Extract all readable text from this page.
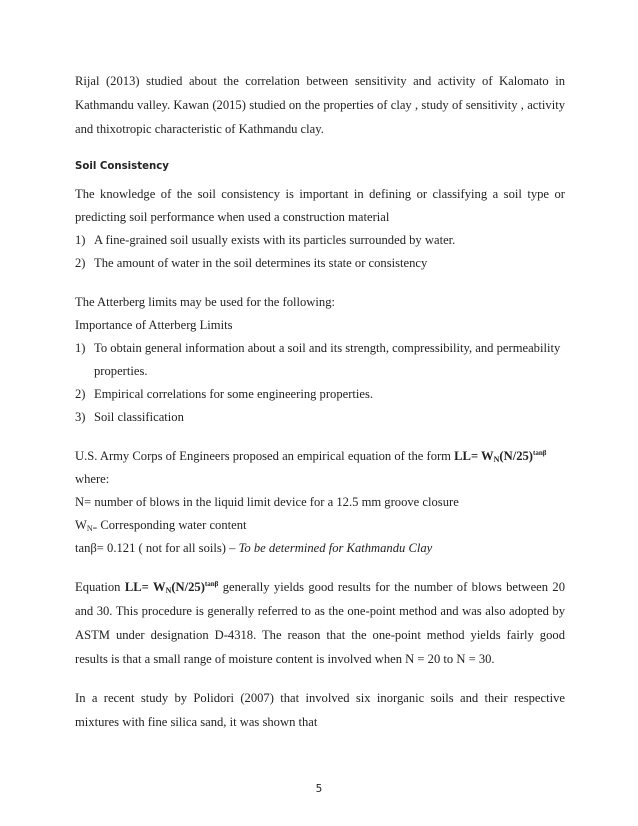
Rijal (2013) studied about the correlation between sensitivity and activity of Kalomato in
Kathmandu valley. Kawan (2015) studied on the properties of clay , study of sensitivity , activity
and thixotropic characteristic of Kathmandu clay.
Soil Consistency
The knowledge of the soil consistency is important in defining or classifying a soil type or
predicting soil performance when used a construction material
1) A fine-grained soil usually exists with its particles surrounded by water.
2) The amount of water in the soil determines its state or consistency
The Atterberg limits may be used for the following:
Importance of Atterberg Limits
1) To obtain general information about a soil and its strength, compressibility, and permeability
properties.
2) Empirical correlations for some engineering properties.
3) Soil classification
U.S. Army Corps of Engineers proposed an empirical equation of the form $LL= W_N(N/25)^{tan\beta}$
where:
N= number of blows in the liquid limit device for a 12.5 mm groove closure
$W_{N=}$ Corresponding water content
tanβ= 0.121 ( not for all soils) – To be determined for Kathmandu Clay
Equation $LL= W_N(N/25)^{tan\beta}$ generally yields good results for the number of blows between 20
and 30. This procedure is generally referred to as the one-point method and was also adopted by
ASTM under designation D-4318. The reason that the one-point method yields fairly good
results is that a small range of moisture content is involved when N = 20 to N = 30.
In a recent study by Polidori (2007) that involved six inorganic soils and their respective
mixtures with fine silica sand, it was shown that
5
